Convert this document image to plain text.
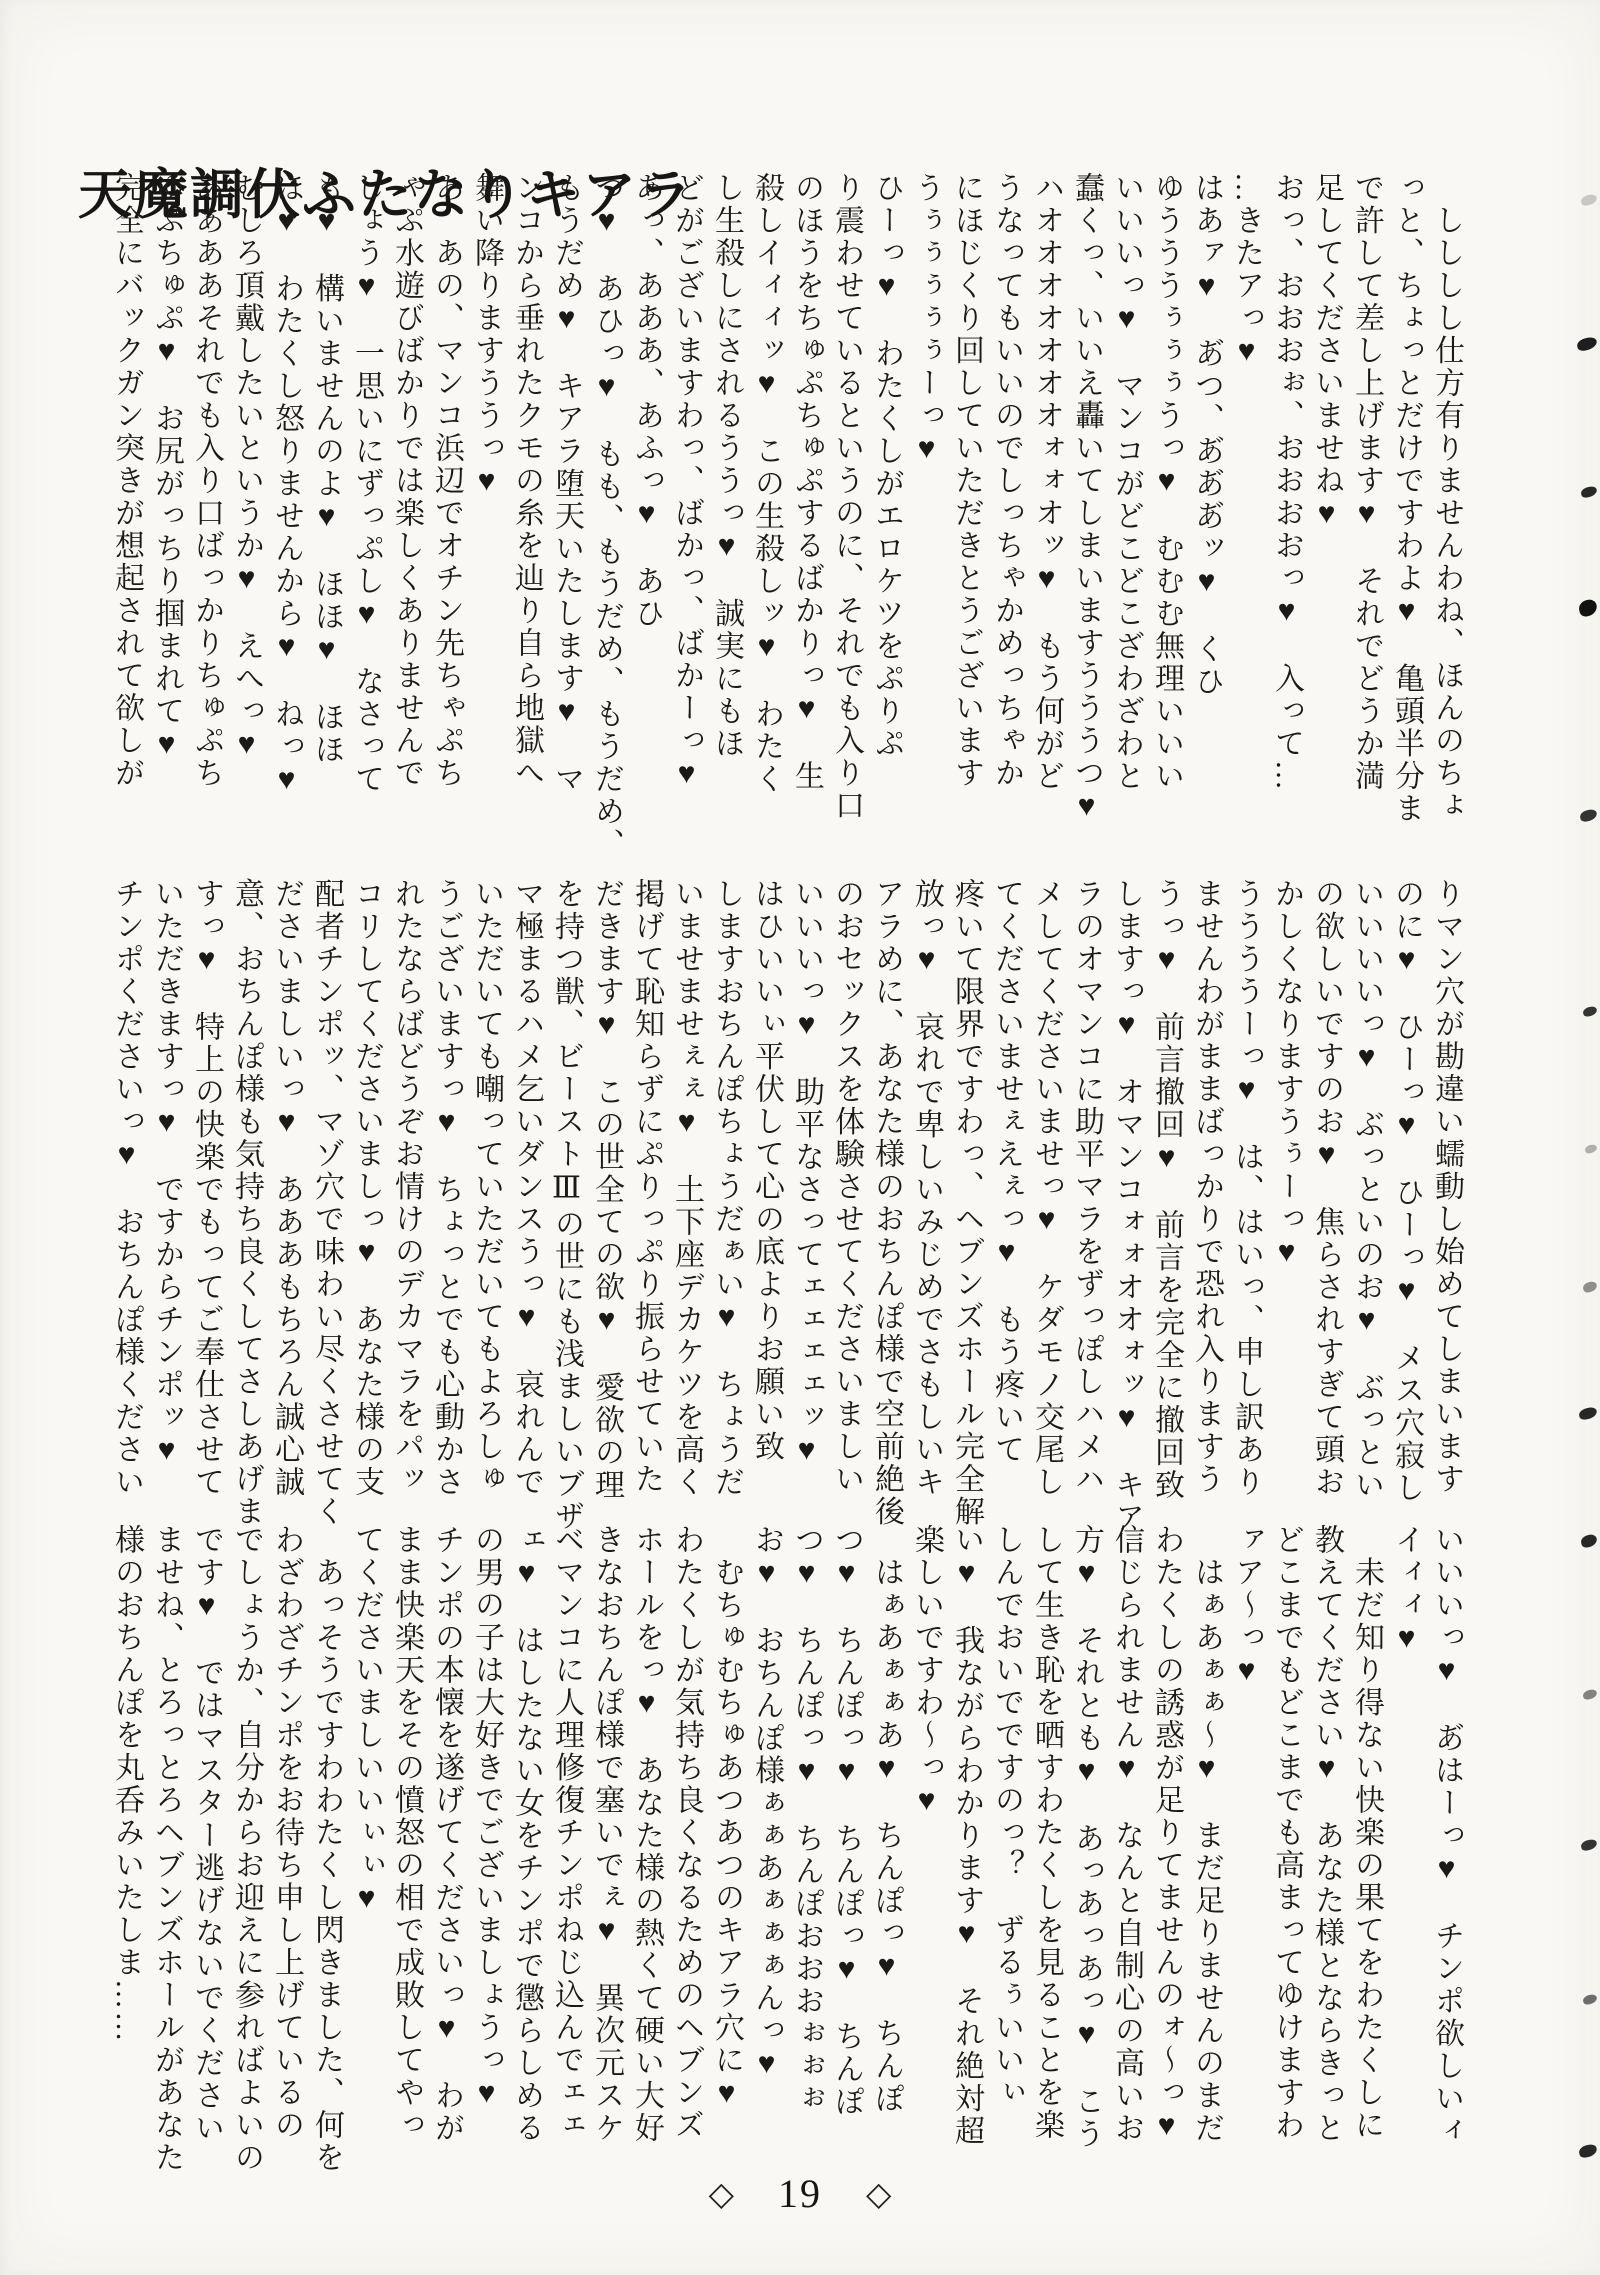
天魔調伏ふたなりキアラ	　しししし仕方有りませんわね、ほんのちょ
っと、ちょっとだけですわよ♥　亀頭半分ま
で許して差し上げます♥　それでどうか満
足してくださいませね♥
おっ、おおおぉ、おおおおっ♥　入って…
…きたアっ♥
はあァ♥　あ゙つ、あ゙あ゙あ゙ッ♥　くひ
ゆうううぅぅぅうっ♥　むむむ無理いいい
いいいっ♥　マンコがどこどこざわざわと
蠢くっ、いいえ轟いてしまいますうううつ♥
ハオオオオオオオォォオッ♥　もう何がど
うなってもいいのでしっちゃかめっちゃか
にほじくり回していただきとうございます
うぅぅぅぅぅーっ♥
ひーっ♥　わたくしがエロケツをぷりぷ
り震わせているというのに、それでも入り口
のほうをちゅぷちゅぷするばかりっ♥　生
殺しイィィッ♥　この生殺しッ♥　わたく
し生殺しにされるううっ♥　誠実にもほ
どがございますわっ、ばかっ、ばかーっ♥
あっ、あああ、あふっ♥　あひ
つ♥　あひっ♥　もも、もうだめ、もうだめ、
もうだめ♥　キアラ堕天いたします♥　マ
ンコから垂れたクモの糸を辿り自ら地獄へ
舞い降りますううっ♥
あ、あの、マンコ浜辺でオチン先ちゃぷち
ゃぷ水遊びばかりでは楽しくありませんで
しょう♥　一思いにずっぷし♥　なさって
も♥　構いませんのよ♥　ほほ♥　ほほ
ほ♥　わたくし怒りませんから♥　ねっ♥
むしろ頂戴したいというか♥　えへっ♥
ああああそれでも入り口ばっかりちゅぷち
ゆぷちゅぷ♥　お尻がっちり掴まれて♥
完全にバックガン突きが想起されて欲しが
りマン穴が勘違い蠕動し始めてしまいます
のに♥　ひーっ♥　ひーっ♥　メス穴寂し
いいいいっ♥　ぶっといのお♥　ぶっとい
の欲しいですのお♥　焦らされすぎて頭お
かしくなりますうぅーっ♥
ううううーっ♥　は、はいっ、申し訳あり
ませんわがままばっかりで恐れ入りますう
うっ♥　前言撤回♥　前言を完全に撤回致
しますっ♥　オマンコォォオオォッ♥　キア
ラのオマンコに助平マラをずっぽしハメハ
メしてくださいませっ♥　ケダモノ交尾し
てくださいませぇえぇっ♥　もう疼いて
疼いて限界ですわっ、ヘブンズホール完全解
放っ♥　哀れで卑しいみじめでさもしいキ
アラめに、あなた様のおちんぽ様で空前絶後
のおセックスを体験させてくださいましい
いいいっ♥　助平なさってェェェェッ♥
はひいいぃ平伏して心の底よりお願い致
しますおちんぽちょうだぁい♥　ちょうだ
いませませぇぇ♥　土下座デカケツを高く
掲げて恥知らずにぷりっぷり振らせていた
だきます♥　この世全ての欲♥　愛欲の理
を持つ獣、ビーストⅢの世にも浅ましいブザ
マ極まるハメ乞いダンスうっ♥　哀れんで
いただいても嘲っていただいてもよろしゅ
うございますっ♥　ちょっとでも心動かさ
れたならばどうぞお情けのデカマラをパッ
コリしてくださいましっ♥　あなた様の支
配者チンポッ、マゾ穴で味わい尽くさせてく
ださいましいっ♥　あああもちろん誠心誠
意、おちんぽ様も気持ち良くしてさしあげま
すっ♥　特上の快楽でもってご奉仕させて
いただきますっ♥　ですからチンポッ♥
チンポくださいっ♥　おちんぽ様ください
いいいっ♥　あ゙はーっ♥　チンポ欲しいィ
イィィ♥
　未だ知り得ない快楽の果てをわたくしに
教えてください♥　あなた様とならきっと
どこまでもどこまでも高まってゆけますわ
ァア〜っ♥
　はぁあぁぁ〜♥　まだ足りませんのまだ
わたくしの誘惑が足りてませんのォ〜っ♥
信じられません♥　なんと自制心の高いお
方♥　それとも♥　あっあっあっ♥　こう
して生き恥を晒すわたくしを見ることを楽
しんでおいでですのっ？　ずるぅいいぃ
い♥　我ながらわかります♥　それ絶対超
楽しいですわ〜っ♥
　はぁあぁぁあ♥　ちんぽっ♥　ちんぽ
つ♥　ちんぽっ♥　ちんぽっ♥　ちんぽ
つ♥　ちんぽっ♥　ちんぽおおおぉぉぉ
お♥　おちんぽ様ぁぁあぁぁぁんっ♥
　むちゅむちゅあつあつのキアラ穴に♥
わたくしが気持ち良くなるためのヘブンズ
ホールをっ♥　あなた様の熱くて硬い大好
きなおちんぽ様で塞いでぇ♥　異次元スケ
ベマンコに人理修復チンポねじ込んでェェ
ェ♥　はしたない女をチンポで懲らしめる
の男の子は大好きでございましょうっ♥
チンポの本懐を遂げてくださいっ♥　わが
まま快楽天をその憤怒の相で成敗してやっ
てくださいましいいぃぃ♥
　あっそうですわわたくし閃きました、何を
わざわざチンポをお待ち申し上げているの
でしょうか、自分からお迎えに参ればよいの
です♥　ではマスター逃げないでください
ませね、とろっとろヘブンズホールがあなた
様のおちんぽを丸呑みいたしま……
◇ 19 ◇
